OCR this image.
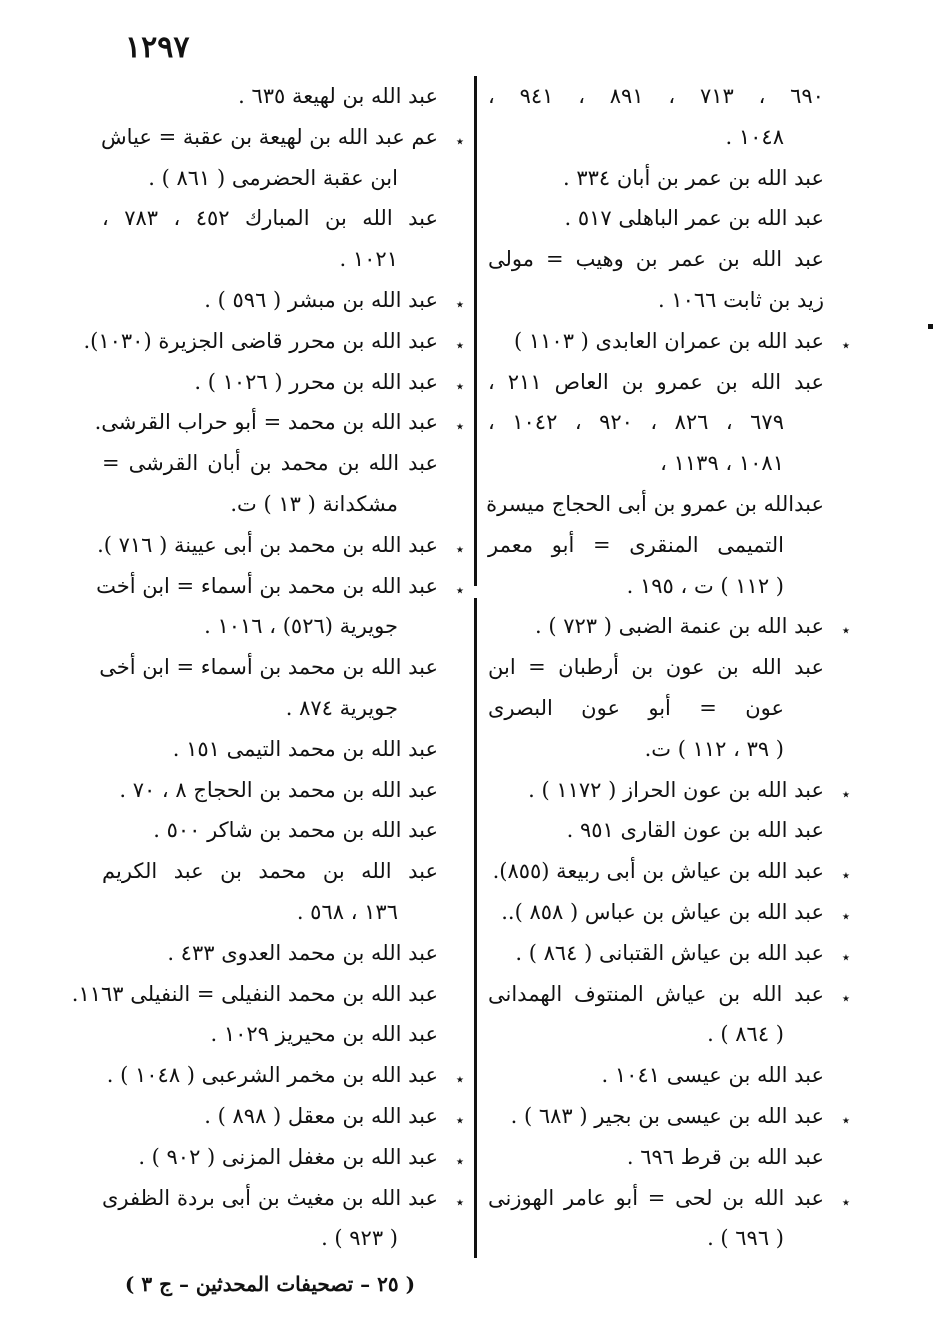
١٢٩٧
٦٩٠ ، ٧١٣ ، ٨٩١ ، ٩٤١ ،
١٠٤٨ .
عبد الله بن عمر بن أبان ٣٣٤ .
عبد الله بن عمر الباهلى ٥١٧ .
عبد الله بن عمر بن وهيب = مولى
زيد بن ثابت ١٠٦٦ .
٭
عبد الله بن عمران العابدى ( ١١٠٣ )
عبد الله بن عمرو بن العاص ٢١١ ،
٦٧٩ ، ٨٢٦ ، ٩٢٠ ، ١٠٤٢ ،
١٠٨١ ، ١١٣٩ ،
عبدالله بن عمرو بن أبى الحجاج ميسرة
التميمى المنقرى = أبو معمر
( ١١٢ ) ت ، ١٩٥ .
٭
عبد الله بن عنمة الضبى ( ٧٢٣ ) .
عبد الله بن عون بن أرطبان = ابن
عون = أبو عون البصرى
( ٣٩ ، ١١٢ ) ت.
٭
عبد الله بن عون الحراز ( ١١٧٢ ) .
عبد الله بن عون القارى ٩٥١ .
٭
عبد الله بن عياش بن أبى ربيعة (٨٥٥).
٭
عبد الله بن عياش بن عباس ( ٨٥٨ )..
٭
عبد الله بن عياش القتبانى ( ٨٦٤ ) .
٭
عبد الله بن عياش المنتوف الهمدانى
( ٨٦٤ ) .
عبد الله بن عيسى ١٠٤١ .
٭
عبد الله بن عيسى بن بجير ( ٦٨٣ ) .
عبد الله بن قرط ٦٩٦ .
٭
عبد الله بن لحى = أبو عامر الهوزنى
( ٦٩٦ ) .
عبد الله بن لهيعة ٦٣٥ .
٭
عم عبد الله بن لهيعة بن عقبة = عياش
ابن عقبة الحضرمى ( ٨٦١ ) .
عبد الله بن المبارك ٤٥٢ ، ٧٨٣ ،
١٠٢١ .
٭
عبد الله بن مبشر ( ٥٩٦ ) .
٭
عبد الله بن محرر قاضى الجزيرة (١٠٣٠).
٭
عبد الله بن محرر ( ١٠٢٦ ) .
٭
عبد الله بن محمد = أبو حراب القرشى.
عبد الله بن محمد بن أبان القرشى =
مشكدانة ( ١٣ ) ت.
٭
عبد الله بن محمد بن أبى عيينة ( ٧١٦ ).
٭
عبد الله بن محمد بن أسماء = ابن أخت
جويرية (٥٢٦) ، ١٠١٦ .
عبد الله بن محمد بن أسماء = ابن أخى
جويرية ٨٧٤ .
عبد الله بن محمد التيمى ١٥١ .
عبد الله بن محمد بن الحجاج ٨ ، ٧٠ .
عبد الله بن محمد بن شاكر ٥٠٠ .
عبد الله بن محمد بن عبد الكريم
١٣٦ ، ٥٦٨ .
عبد الله بن محمد العدوى ٤٣٣ .
عبد الله بن محمد النفيلى = النفيلى ١١٦٣.
عبد الله بن محيريز ١٠٢٩ .
٭
عبد الله بن مخمر الشرعبى ( ١٠٤٨ ) .
٭
عبد الله بن معقل ( ٨٩٨ ) .
٭
عبد الله بن مغفل المزنى ( ٩٠٢ ) .
٭
عبد الله بن مغيث بن أبى بردة الظفرى
( ٩٢٣ ) .
( ٢٥ – تصحيفات المحدثين – ج ٣ )
